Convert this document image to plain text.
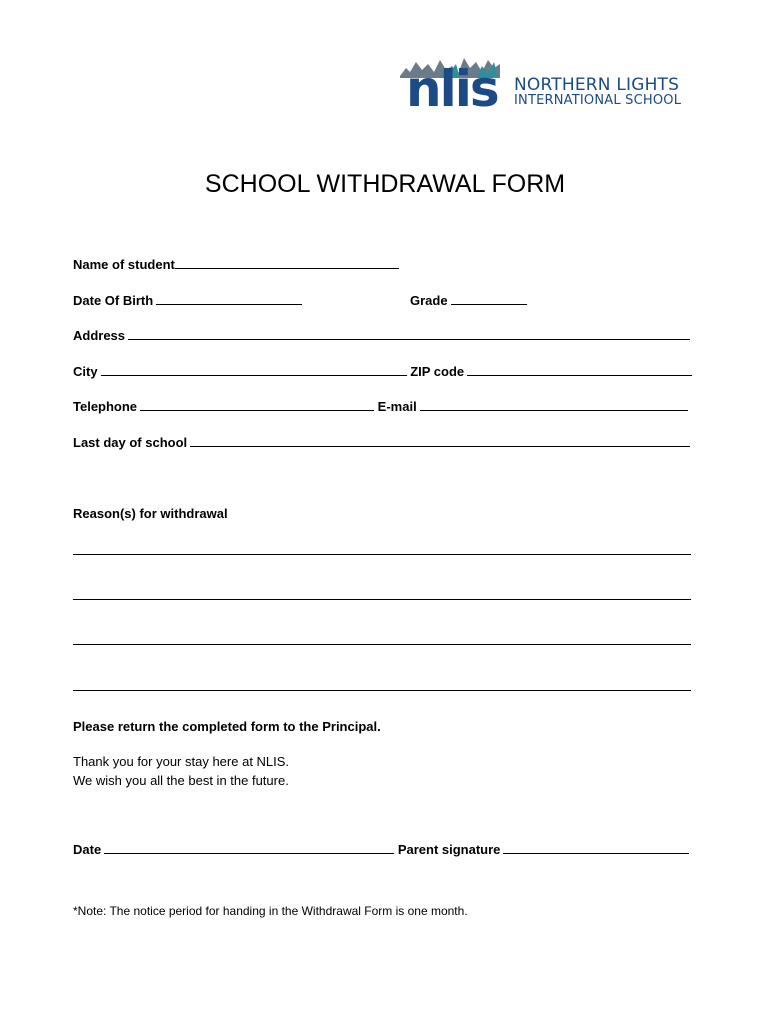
nlis NORTHERN LIGHTS
INTERNATIONAL SCHOOL
SCHOOL WITHDRAWAL FORM
Name of student
Date Of Birth	Grade
Address
City	ZIP code
Telephone	E-mail
Last day of school
Reason(s) for withdrawal
Please return the completed form to the Principal.
Thank you for your stay here at NLIS.
We wish you all the best in the future.
Date	Parent signature
*Note: The notice period for handing in the Withdrawal Form is one month.
